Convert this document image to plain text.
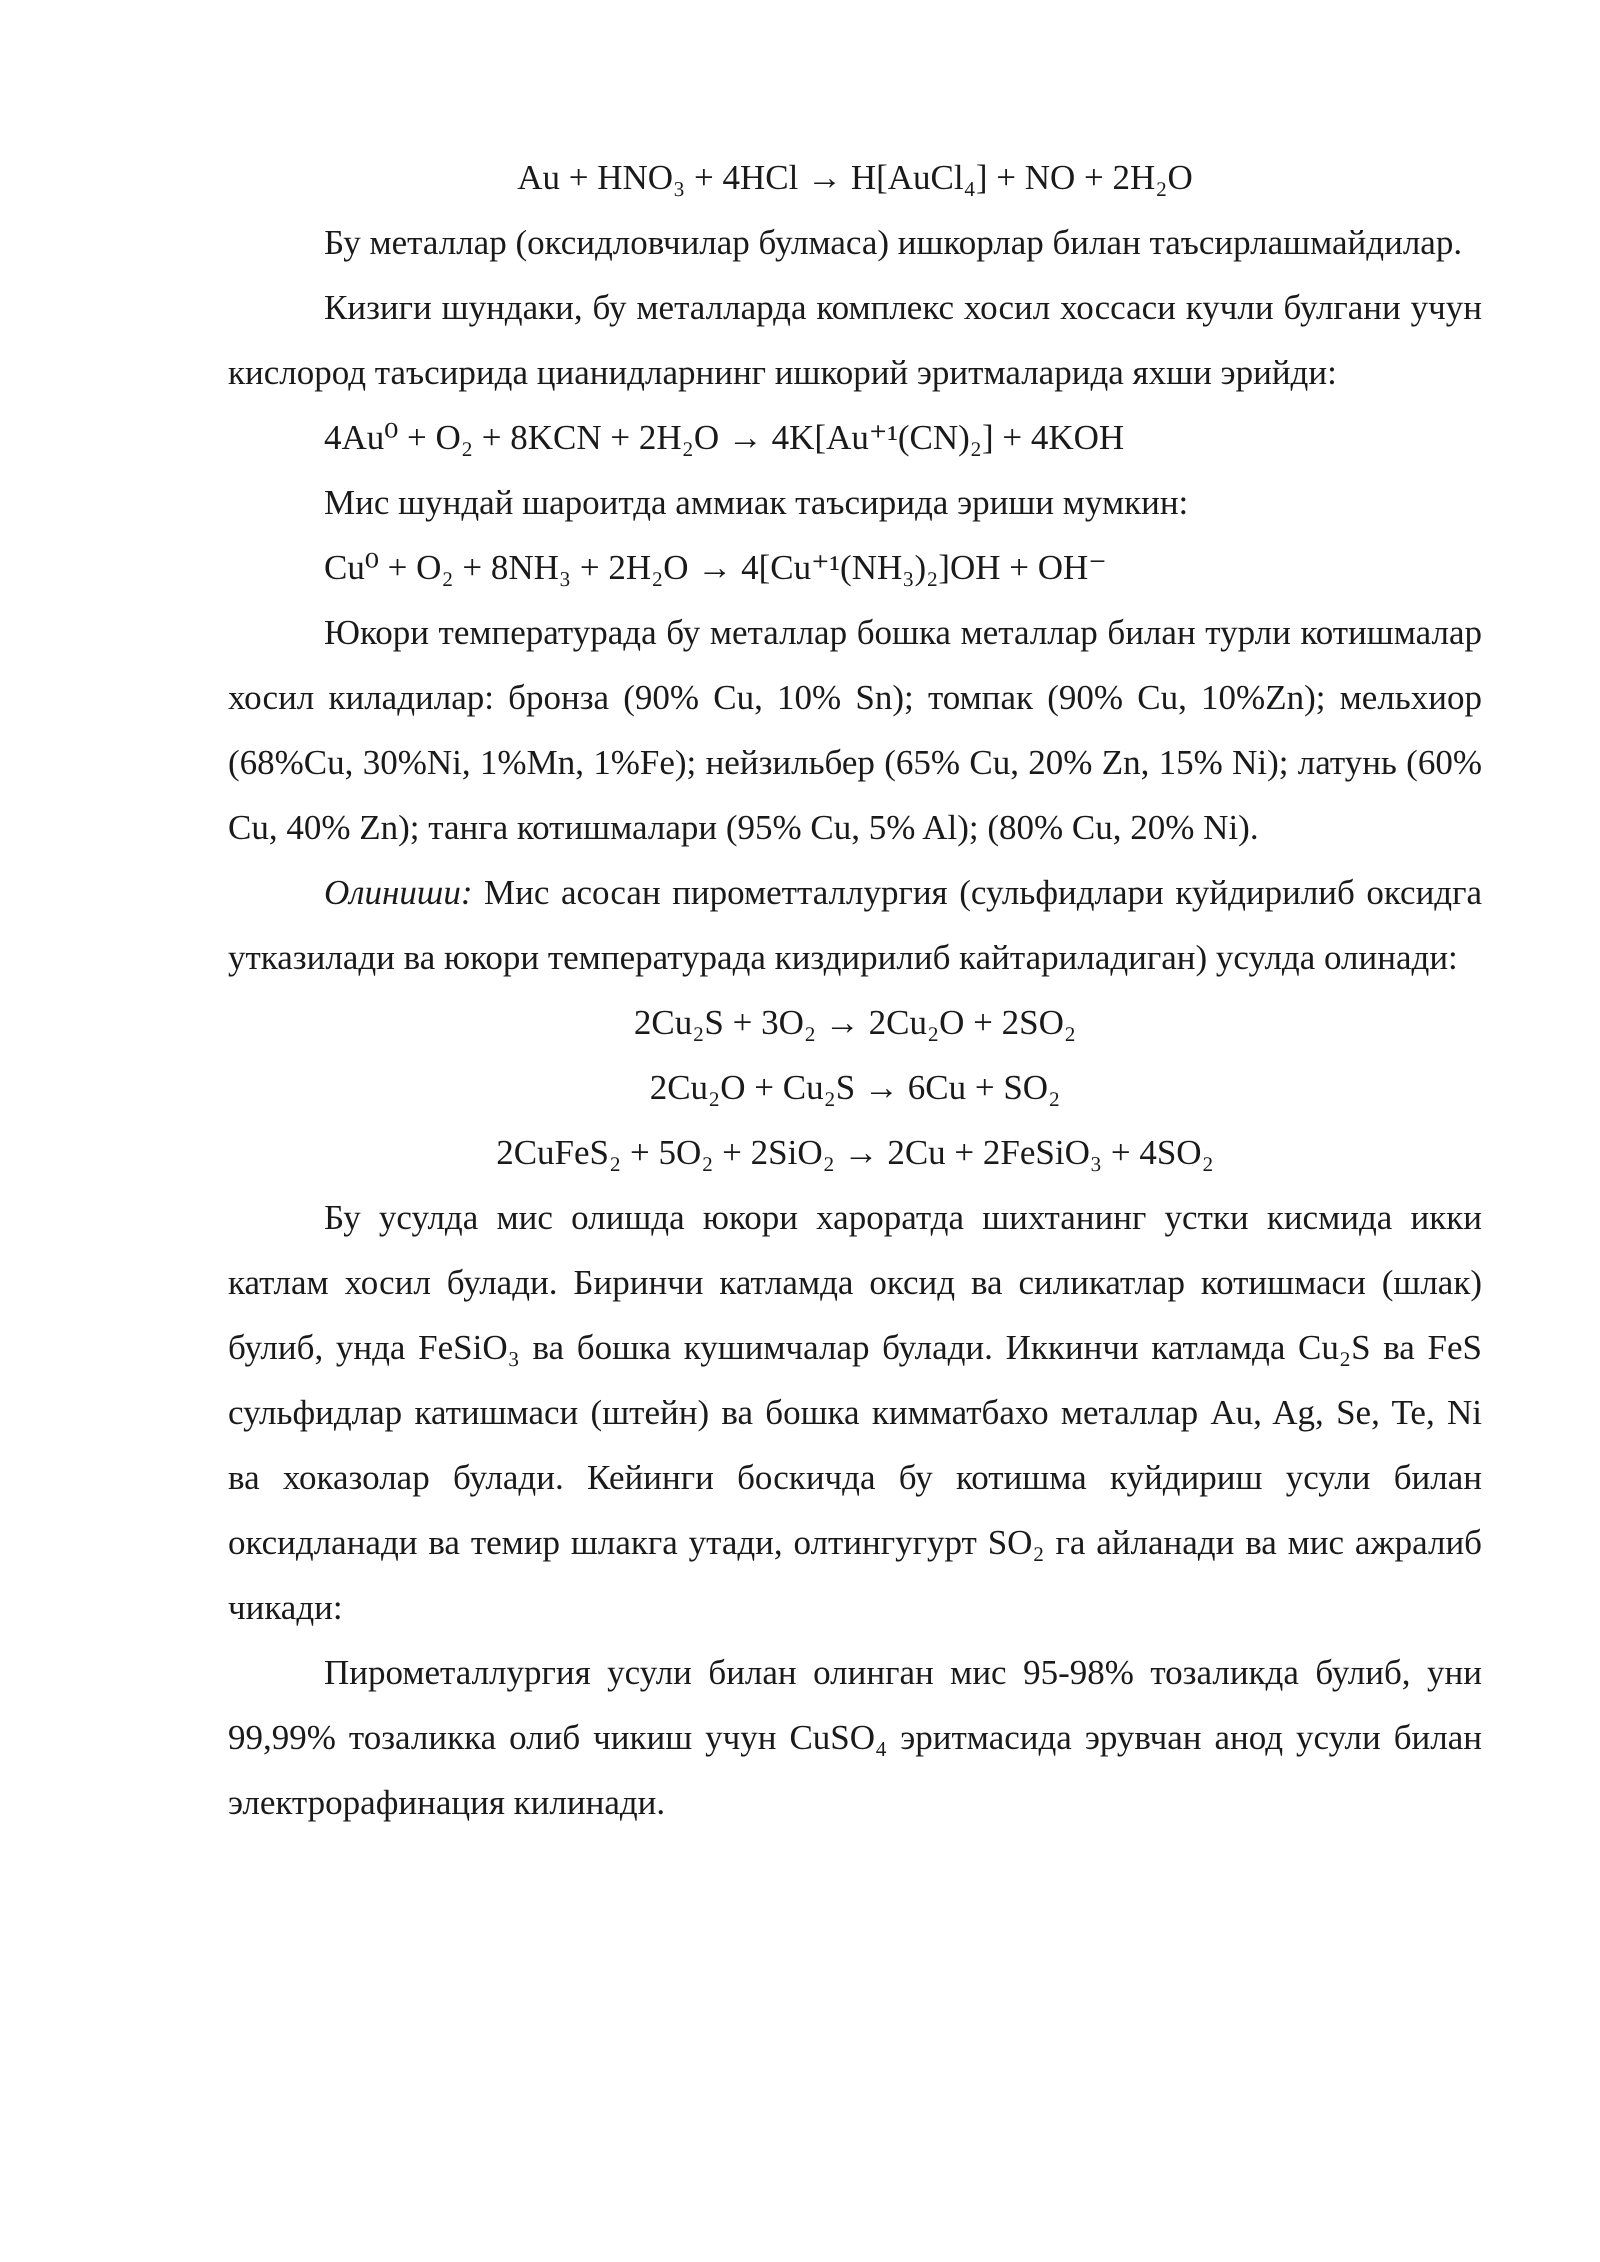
Au + HNO₃ + 4HCl → H[AuCl₄] + NO + 2H₂O

Бу металлар (оксидловчилар булмаса) ишкорлар билан таъсирлашмайдилар.

Кизиги шундаки, бу металларда комплекс хосил хоссаси кучли булгани учун кислород таъсирида цианидларнинг ишкорий эритмаларида яхши эрийди:

4Au⁰ + O₂ + 8KCN + 2H₂O → 4K[Au⁺¹(CN)₂] + 4KOH

Мис шундай шароитда аммиак таъсирида эриши мумкин:

Cu⁰ + O₂ + 8NH₃ + 2H₂O → 4[Cu⁺¹(NH₃)₂]OH + OH⁻

Юкори температурада бу металлар бошка металлар билан турли котишмалар хосил киладилар: бронза (90% Cu, 10% Sn); томпак (90% Cu, 10%Zn); мельхиор (68%Cu, 30%Ni, 1%Mn, 1%Fe); нейзильбер (65% Cu, 20% Zn, 15% Ni); латунь (60% Cu, 40% Zn); танга котишмалари (95% Cu, 5% Al); (80% Cu, 20% Ni).

Олиниши: Мис асосан пирометталлургия (сульфидлари куйдирилиб оксидга утказилади ва юкори температурада киздирилиб кайтариладиган) усулда олинади:

2Cu₂S + 3O₂ → 2Cu₂O + 2SO₂
2Cu₂O + Cu₂S → 6Cu + SO₂
2CuFeS₂ + 5O₂ + 2SiO₂ → 2Cu + 2FeSiO₃ + 4SO₂

Бу усулда мис олишда юкори хароратда шихтанинг устки кисмида икки катлам хосил булади. Биринчи катламда оксид ва силикатлар котишмаси (шлак) булиб, унда FeSiO₃ ва бошка кушимчалар булади. Иккинчи катламда Cu₂S ва FeS сульфидлар катишмаси (штейн) ва бошка кимматбахо металлар Au, Ag, Se, Te, Ni ва хоказолар булади. Кейинги боскичда бу котишма куйдириш усули билан оксидланади ва темир шлакга утади, олтингугурт SO₂ га айланади ва мис ажралиб чикади:

Пирометаллургия усули билан олинган мис 95-98% тозаликда булиб, уни 99,99% тозаликка олиб чикиш учун CuSO₄ эритмасида эрувчан анод усули билан электрорафинация килинади.
